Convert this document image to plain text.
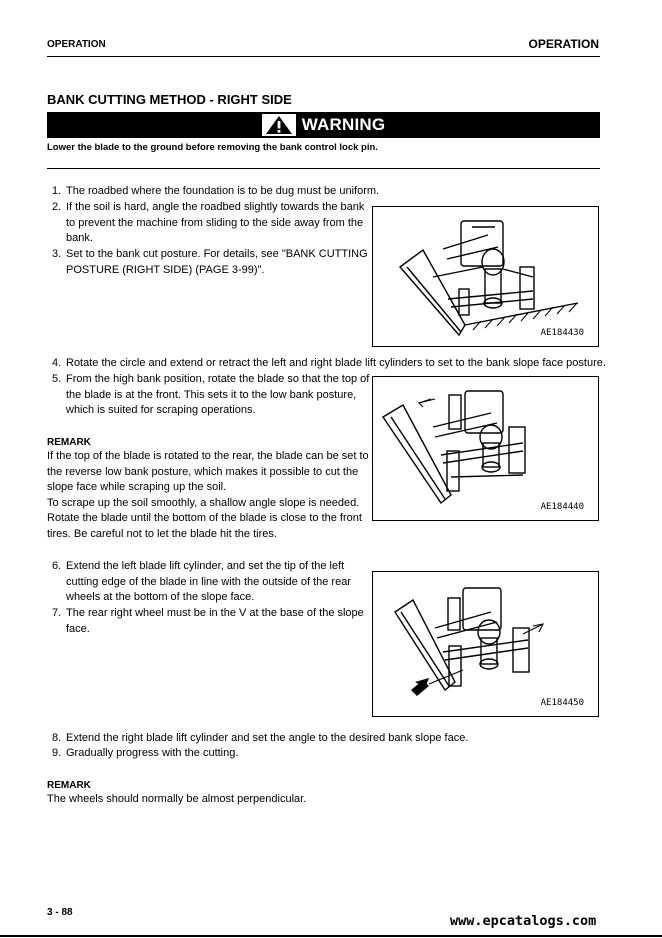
OPERATION	OPERATION
BANK CUTTING METHOD - RIGHT SIDE
WARNING
Lower the blade to the ground before removing the bank control lock pin.
1. The roadbed where the foundation is to be dug must be uniform.
2. If the soil is hard, angle the roadbed slightly towards the bank
to prevent the machine from sliding to the side away from the
bank.
3. Set to the bank cut posture. For details, see "BANK CUTTING
POSTURE (RIGHT SIDE) (PAGE 3-99)".
AE184430
4. Rotate the circle and extend or retract the left and right blade lift cylinders to set to the bank slope face posture.
5. From the high bank position, rotate the blade so that the top of
the blade is at the front. This sets it to the low bank posture,
which is suited for scraping operations.
REMARK
If the top of the blade is rotated to the rear, the blade can be set to
the reverse low bank posture, which makes it possible to cut the
slope face while scraping up the soil.
To scrape up the soil smoothly, a shallow angle slope is needed.
Rotate the blade until the bottom of the blade is close to the front
tires. Be careful not to let the blade hit the tires.
AE184440
6. Extend the left blade lift cylinder, and set the tip of the left
cutting edge of the blade in line with the outside of the rear
wheels at the bottom of the slope face.
7. The rear right wheel must be in the V at the base of the slope
face.
AE184450
8. Extend the right blade lift cylinder and set the angle to the desired bank slope face.
9. Gradually progress with the cutting.
REMARK
The wheels should normally be almost perpendicular.
3 - 88
www.epcatalogs.com
